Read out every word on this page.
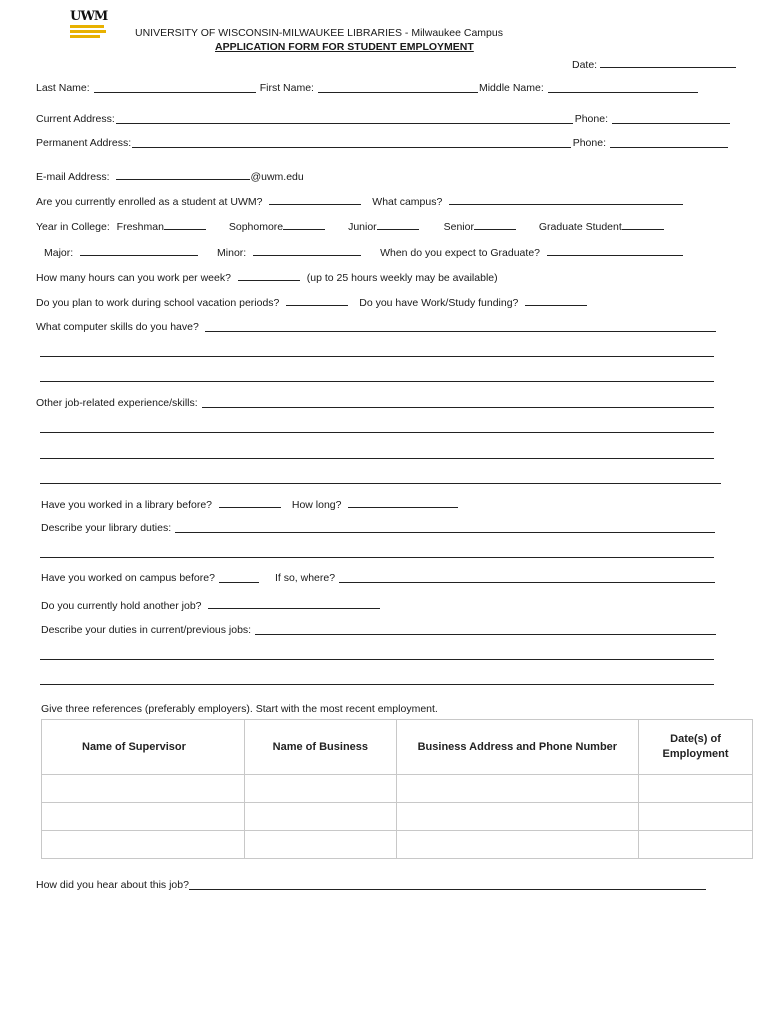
UWM
UNIVERSITY OF WISCONSIN-MILWAUKEE LIBRARIES - Milwaukee Campus
APPLICATION FORM FOR STUDENT EMPLOYMENT
Date:
Last Name:	First Name:	Middle Name:
Current Address:	Phone:
Permanent Address:	Phone:
E-mail Address:	@uwm.edu
Are you currently enrolled as a student at UWM?	What campus?
Year in College: Freshman	Sophomore	Junior	Senior	Graduate Student
Major:	Minor:	When do you expect to Graduate?
How many hours can you work per week?	(up to 25 hours weekly may be available)
Do you plan to work during school vacation periods?	Do you have Work/Study funding?
What computer skills do you have?
Other job-related experience/skills:
Have you worked in a library before?	How long?
Describe your library duties:
Have you worked on campus before?	If so, where?
Do you currently hold another job?
Describe your duties in current/previous jobs:
Give three references (preferably employers). Start with the most recent employment.
Name of Supervisor	Name of Business	Business Address and Phone Number	Date(s) of Employment

How did you hear about this job?
